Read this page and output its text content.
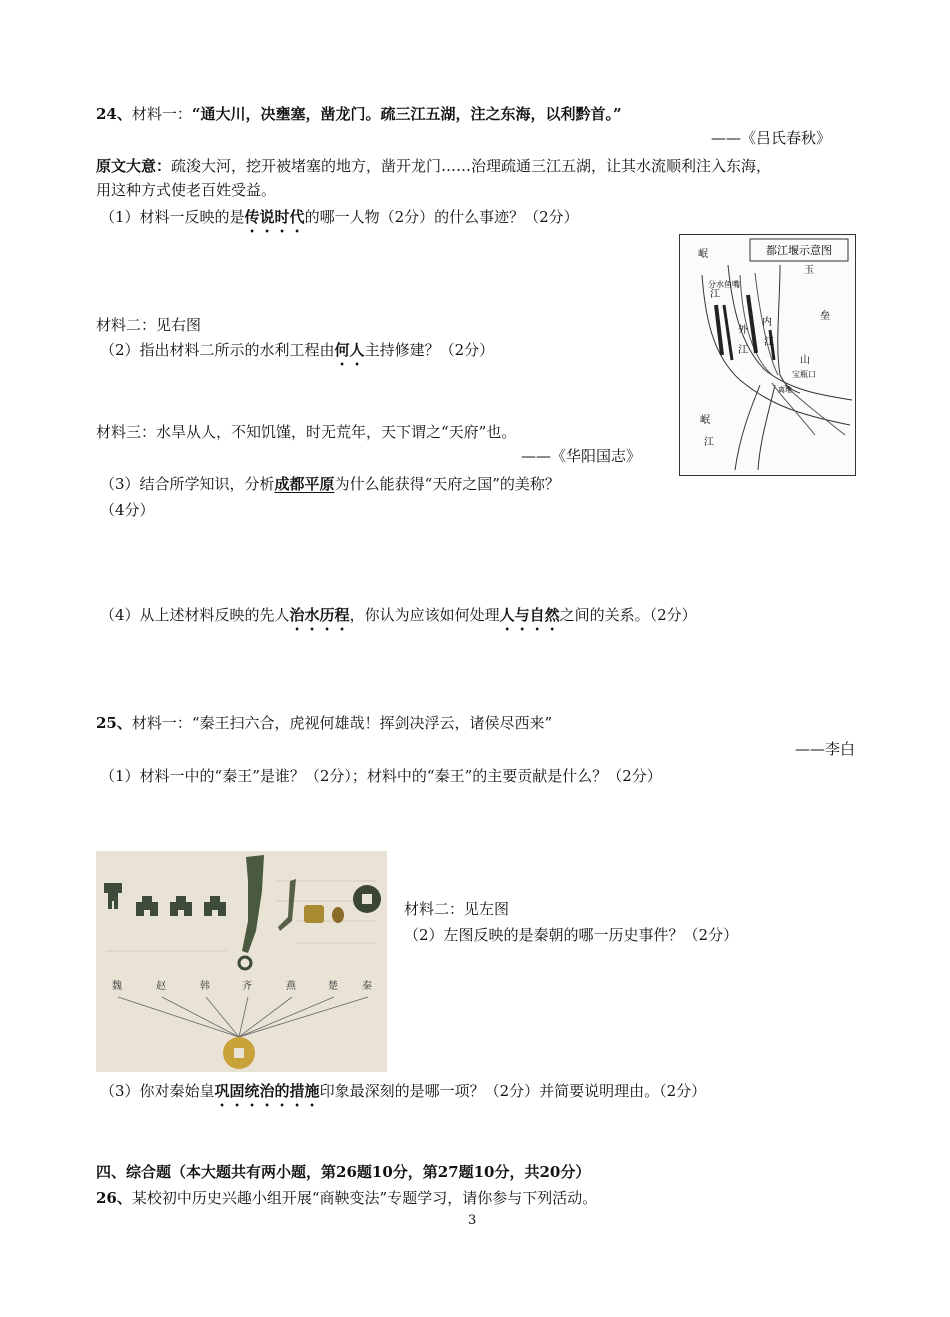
24、材料一：“通大川，决壅塞，凿龙门。疏三江五湖，注之东海，以利黔首。”
——《吕氏春秋》
原文大意：疏浚大河，挖开被堵塞的地方，凿开龙门……治理疏通三江五湖，让其水流顺利注入东海，
用这种方式使老百姓受益。
（1）材料一反映的是传说时代的哪一人物（2分）的什么事迹？（2分）
都江堰示意图
岷
江
分水鱼嘴
外
江
内
江
玉
垒
山
宝瓶口
离堆
岷
江
材料二：见右图
（2）指出材料二所示的水利工程由何人主持修建？（2分）
材料三：水旱从人，不知饥馑，时无荒年，天下谓之“天府”也。
——《华阳国志》
（3）结合所学知识，分析成都平原为什么能获得“天府之国”的美称？
（4分）
（4）从上述材料反映的先人治水历程，你认为应该如何处理人与自然之间的关系。（2分）
25、材料一：“秦王扫六合，虎视何雄哉！挥剑决浮云，诸侯尽西来”
——李白
（1）材料一中的“秦王”是谁？（2分）；材料中的“秦王”的主要贡献是什么？（2分）
魏	赵	韩	齐	燕	楚 秦
材料二：见左图
（2）左图反映的是秦朝的哪一历史事件？（2分）
（3）你对秦始皇巩固统治的措施印象最深刻的是哪一项？（2分）并简要说明理由。（2分）
四、综合题（本大题共有两小题，第26题10分，第27题10分，共20分）
26、某校初中历史兴趣小组开展“商鞅变法”专题学习，请你参与下列活动。
3
